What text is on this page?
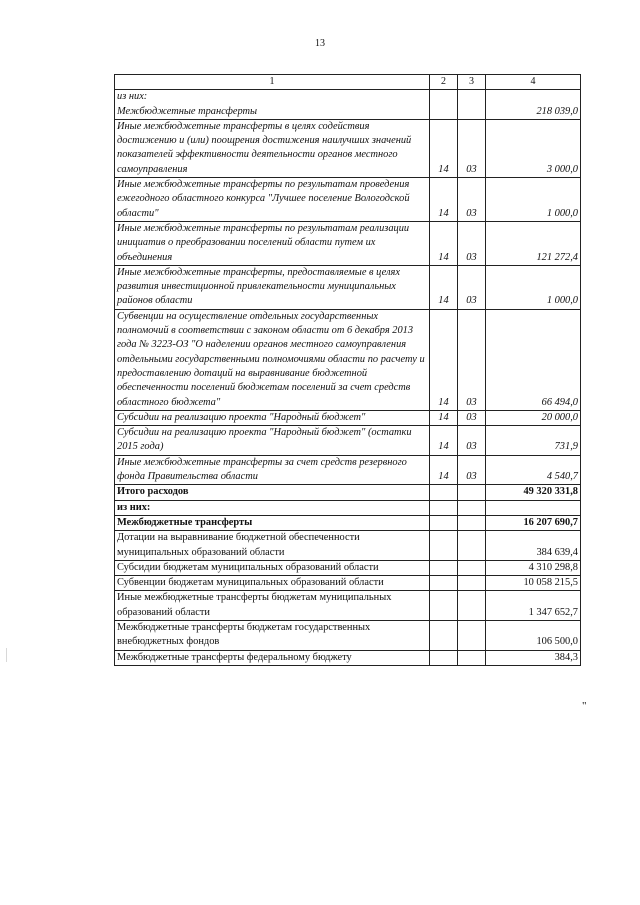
13
1	2	3	4
из них:			
Межбюджетные трансферты			218 039,0
Иные межбюджетные трансферты в целях содействия достижению и (или) поощрения достижения наилучших значений показателей эффективности деятельности органов местного самоуправления	14	03	3 000,0
Иные межбюджетные трансферты по результатам проведения ежегодного областного конкурса "Лучшее поселение Вологодской области"	14	03	1 000,0
Иные межбюджетные трансферты по результатам реализации инициатив о преобразовании поселений области путем их объединения	14	03	121 272,4
Иные межбюджетные трансферты, предоставляемые в целях развития инвестиционной привлекательности муниципальных районов области	14	03	1 000,0
Субвенции на осуществление отдельных государственных полномочий в соответствии с законом области от 6 декабря 2013 года № 3223-ОЗ "О наделении органов местного самоуправления отдельными государственными полномочиями области по расчету и предоставлению дотаций на выравнивание бюджетной обеспеченности поселений бюджетам поселений за счет средств областного бюджета"	14	03	66 494,0
Субсидии на реализацию проекта "Народный бюджет"	14	03	20 000,0
Субсидии на реализацию проекта "Народный бюджет" (остатки 2015 года)	14	03	731,9
Иные межбюджетные трансферты за счет средств резервного фонда Правительства области	14	03	4 540,7
Итого расходов			49 320 331,8
из них:			
Межбюджетные трансферты			16 207 690,7
Дотации на выравнивание бюджетной обеспеченности муниципальных образований области			384 639,4
Субсидии бюджетам муниципальных образований области			4 310 298,8
Субвенции бюджетам муниципальных образований области			10 058 215,5
Иные межбюджетные трансферты бюджетам муниципальных образований области			1 347 652,7
Межбюджетные трансферты бюджетам государственных внебюджетных фондов			106 500,0
Межбюджетные трансферты федеральному бюджету			384,3
"
